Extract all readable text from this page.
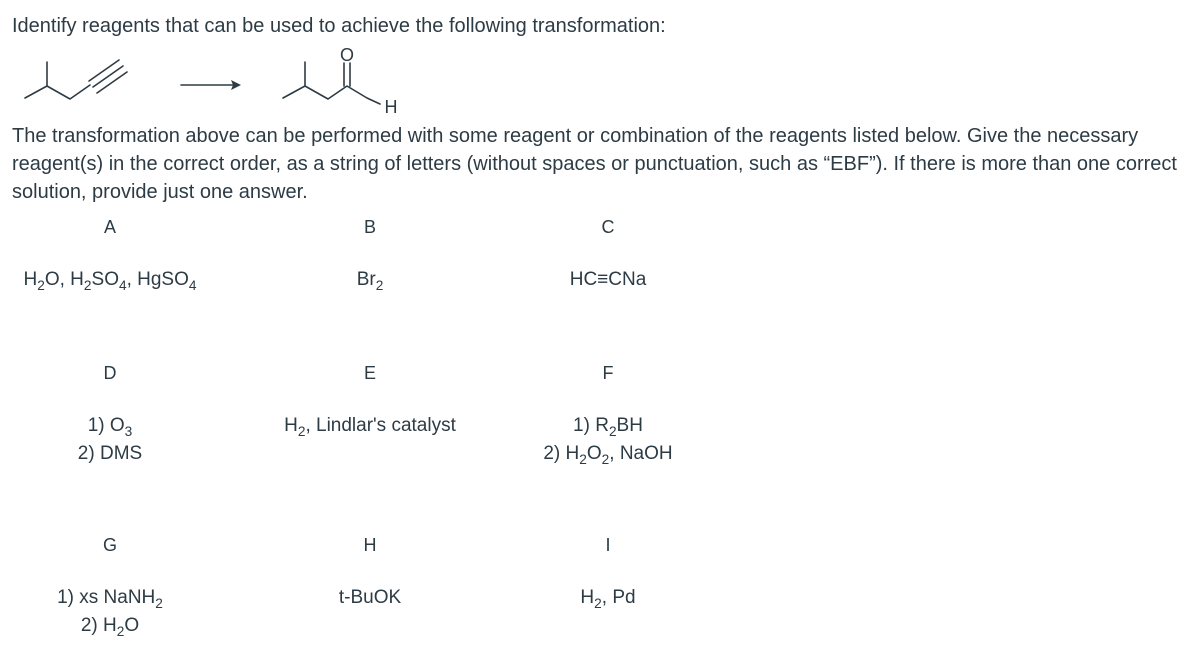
Identify reagents that can be used to achieve the following transformation:

O
H

The transformation above can be performed with some reagent or combination of the reagents listed below. Give the necessary reagent(s) in the correct order, as a string of letters (without spaces or punctuation, such as “EBF”). If there is more than one correct solution, provide just one answer.

A
$H_2O$, $H_2SO_4$, HgSO$_4$
B
$Br_2$
C
HC≡CNa
D
1) $O_3$
2) DMS
E
$H_2$, Lindlar's catalyst
F
1) $R_2BH$
2) $H_2O_2$, NaOH
G
1) xs NaNH$_2$
2) $H_2O$
H
t-BuOK
I
$H_2$, Pd
